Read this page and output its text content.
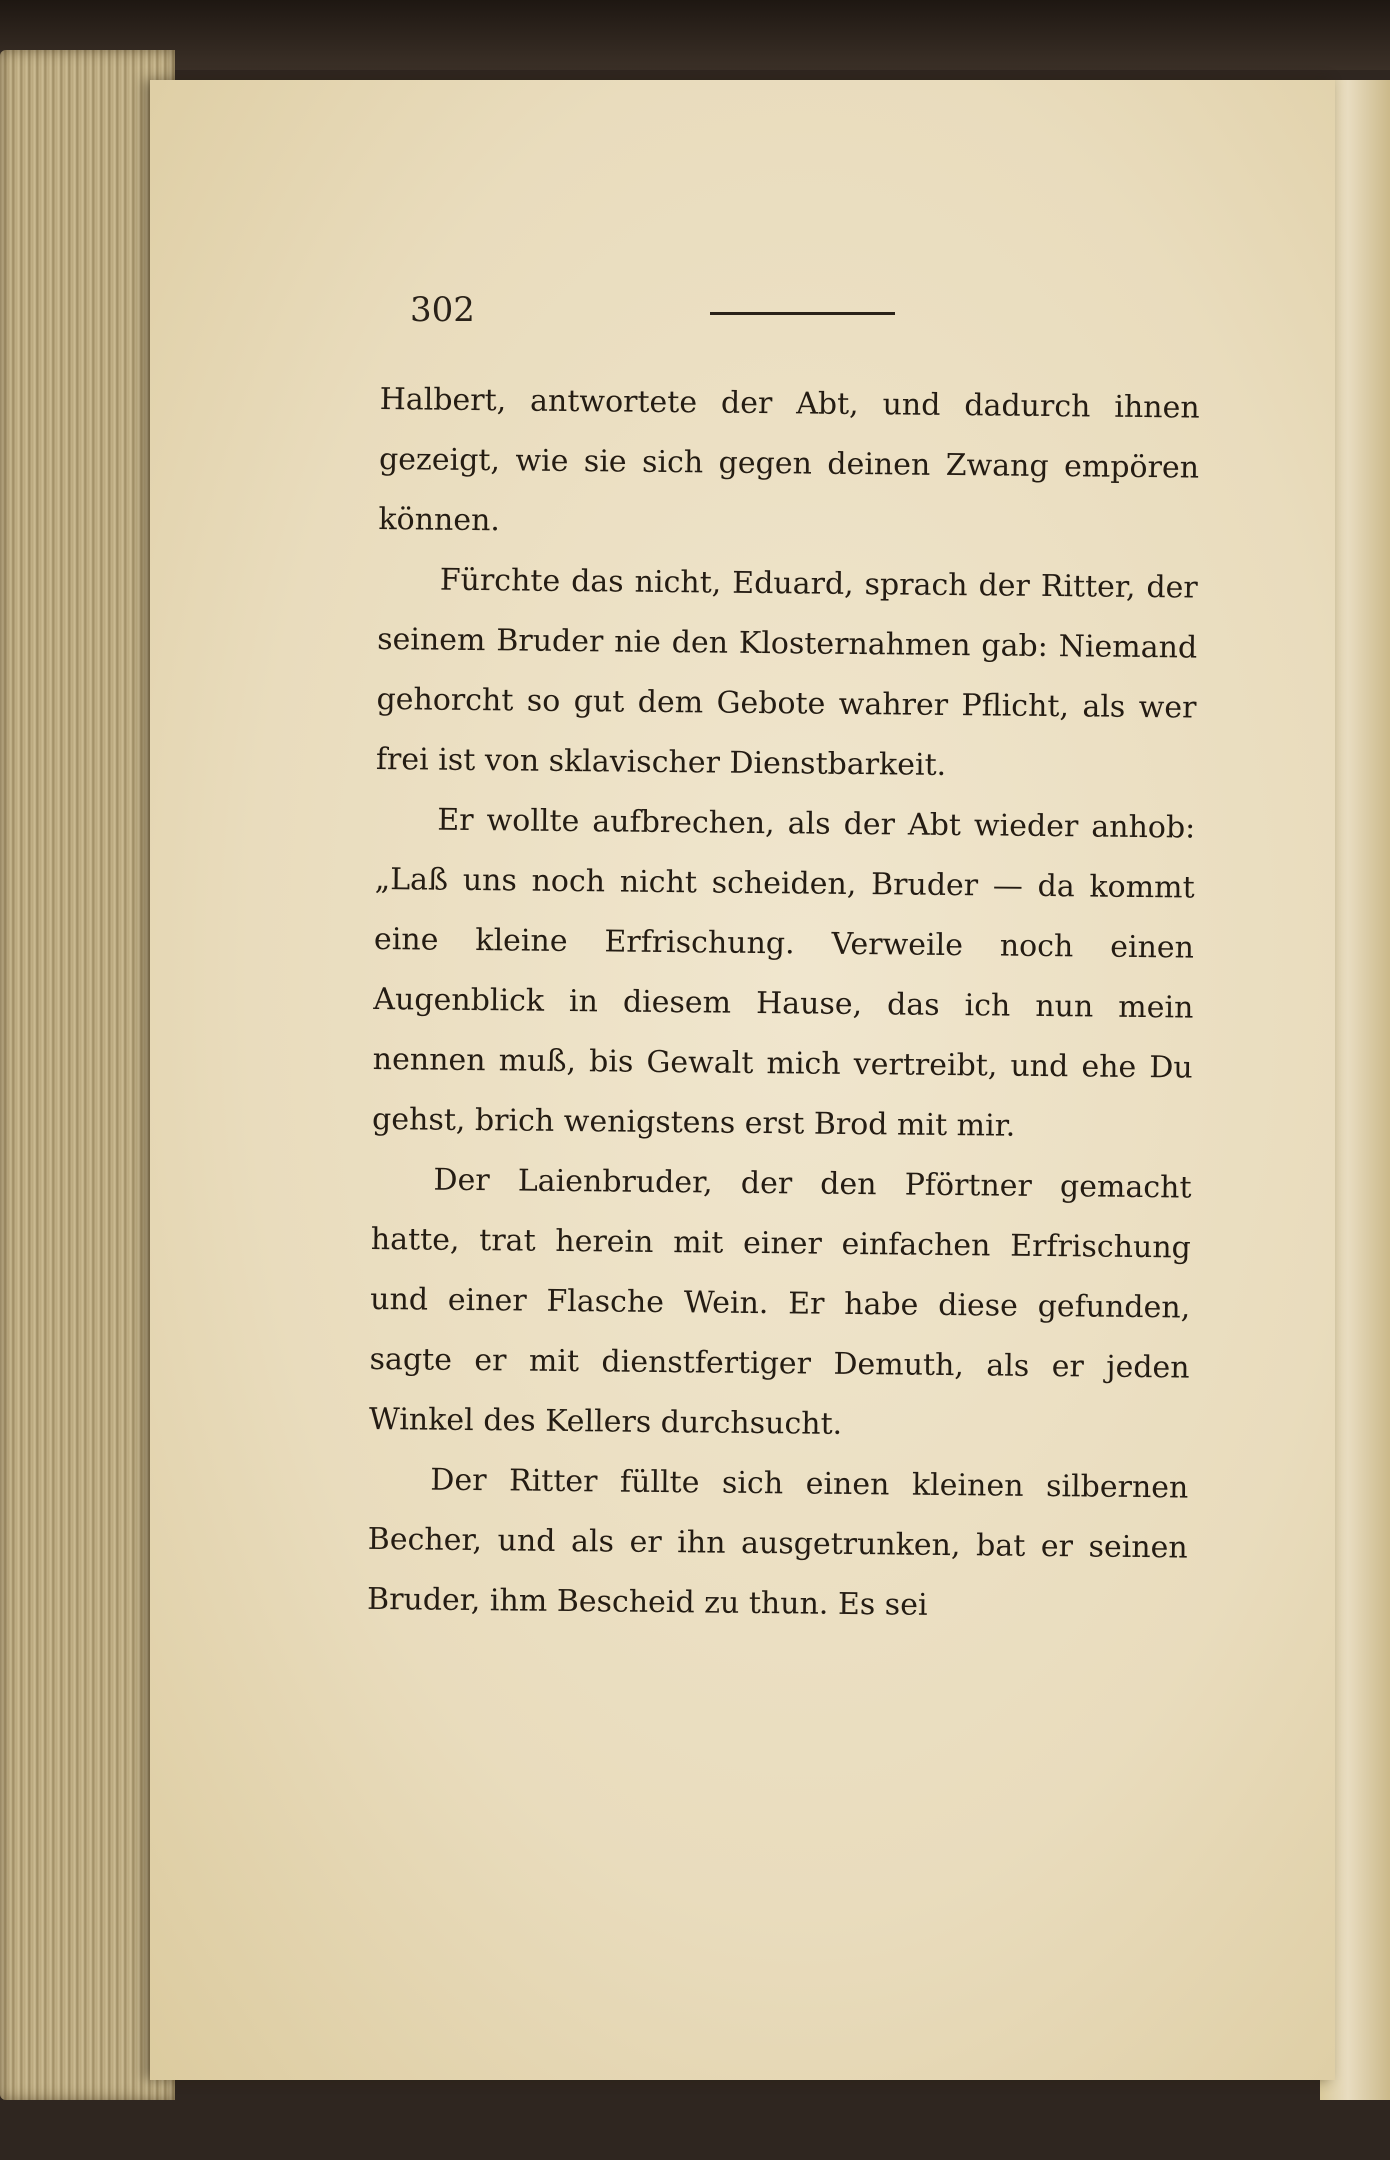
302

Halbert, antwortete der Abt, und dadurch ihnen gezeigt, wie sie sich gegen deinen Zwang empören können.

Fürchte das nicht, Eduard, sprach der Ritter, der seinem Bruder nie den Klosternahmen gab: Niemand gehorcht so gut dem Gebote wahrer Pflicht, als wer frei ist von sklavischer Dienstbarkeit.

Er wollte aufbrechen, als der Abt wieder anhob: „Laß uns noch nicht scheiden, Bruder — da kommt eine kleine Erfrischung. Verweile noch einen Augenblick in diesem Hause, das ich nun mein nennen muß, bis Gewalt mich vertreibt, und ehe Du gehst, brich wenigstens erst Brod mit mir.

Der Laienbruder, der den Pförtner gemacht hatte, trat herein mit einer einfachen Erfrischung und einer Flasche Wein. Er habe diese gefunden, sagte er mit dienstfertiger Demuth, als er jeden Winkel des Kellers durchsucht.

Der Ritter füllte sich einen kleinen silbernen Becher, und als er ihn ausgetrunken, bat er seinen Bruder, ihm Bescheid zu thun. Es sei
